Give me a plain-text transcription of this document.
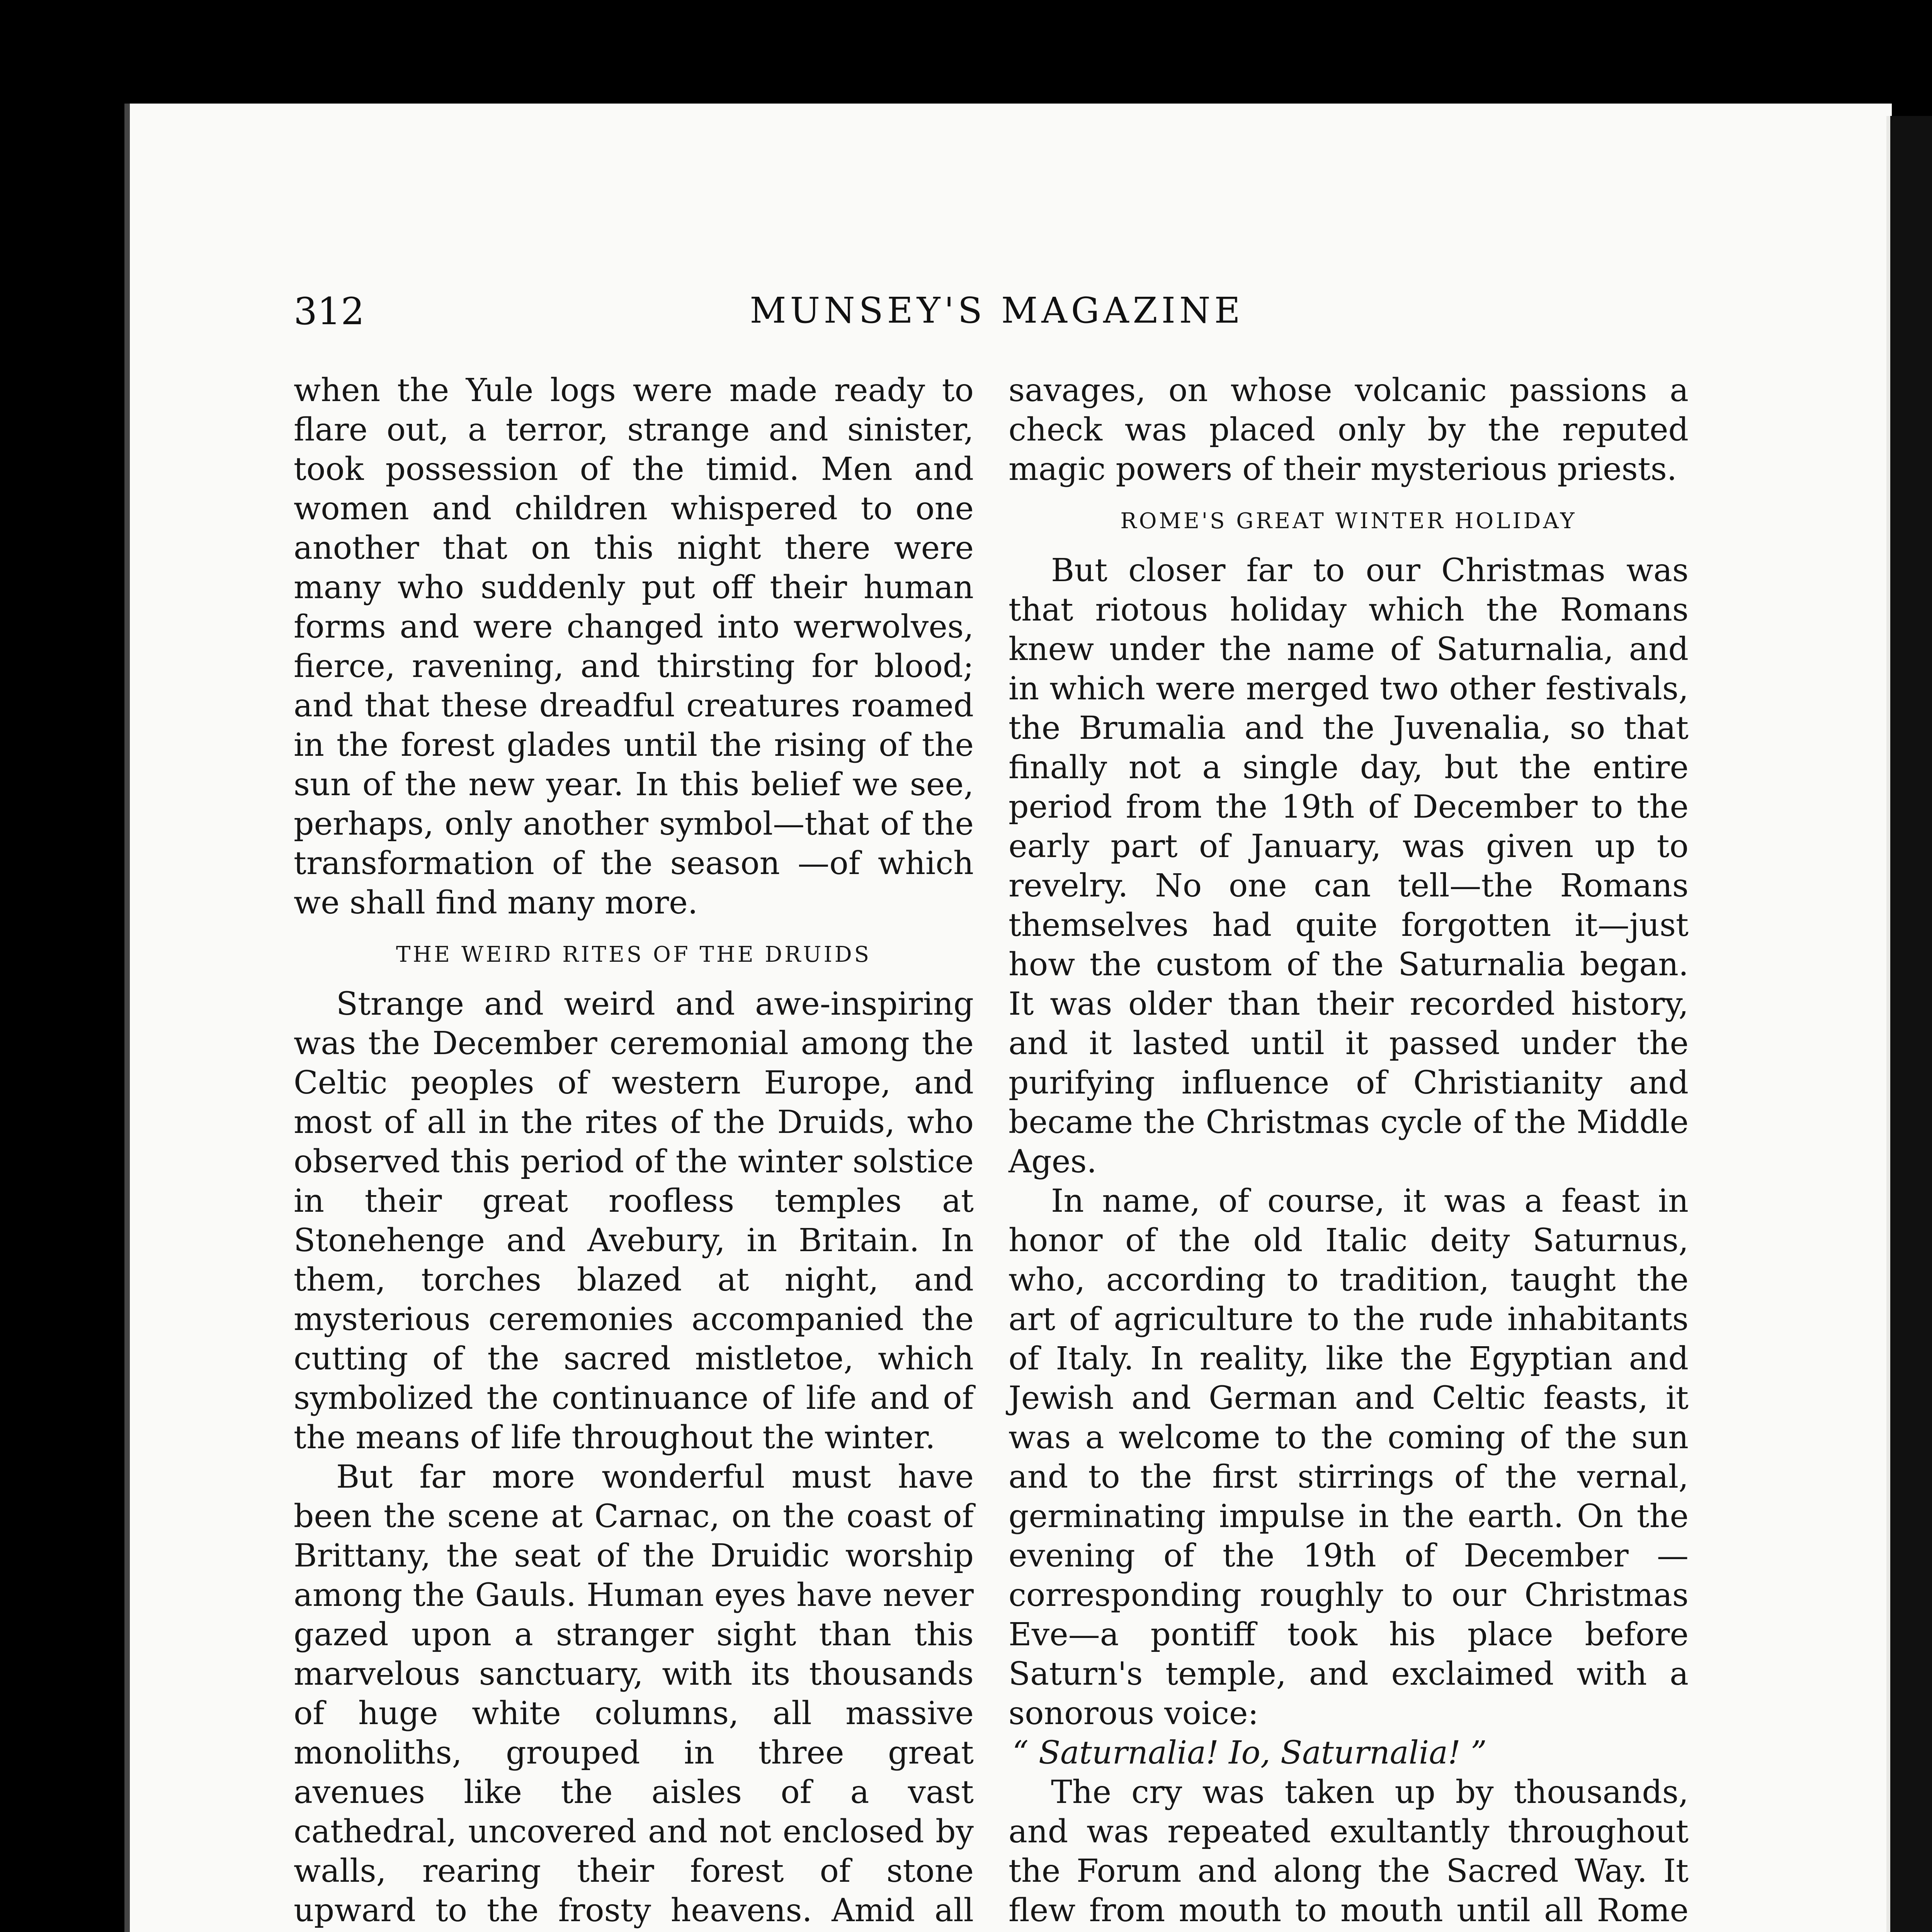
312	MUNSEY'S MAGAZINE

when the Yule logs were made ready to flare out, a terror, strange and sinister, took possession of the timid. Men and women and children whispered to one another that on this night there were many who suddenly put off their human forms and were changed into werwolves, fierce, ravening, and thirsting for blood; and that these dreadful creatures roamed in the forest glades until the rising of the sun of the new year. In this belief we see, perhaps, only another symbol—that of the transformation of the season —of which we shall find many more.

THE WEIRD RITES OF THE DRUIDS

Strange and weird and awe-inspiring was the December ceremonial among the Celtic peoples of western Europe, and most of all in the rites of the Druids, who observed this period of the winter solstice in their great roofless temples at Stonehenge and Avebury, in Britain. In them, torches blazed at night, and mysterious ceremonies accompanied the cutting of the sacred mistletoe, which symbolized the continuance of life and of the means of life throughout the winter.

But far more wonderful must have been the scene at Carnac, on the coast of Brittany, the seat of the Druidic worship among the Gauls. Human eyes have never gazed upon a stranger sight than this marvelous sanctuary, with its thousands of huge white columns, all massive monoliths, grouped in three great avenues like the aisles of a vast cathedral, uncovered and not enclosed by walls, rearing their forest of stone upward to the frosty heavens. Amid all

savages, on whose volcanic passions a check was placed only by the reputed magic powers of their mysterious priests.

ROME'S GREAT WINTER HOLIDAY

But closer far to our Christmas was that riotous holiday which the Romans knew under the name of Saturnalia, and in which were merged two other festivals, the Brumalia and the Juvenalia, so that finally not a single day, but the entire period from the 19th of December to the early part of January, was given up to revelry. No one can tell—the Romans themselves had quite forgotten it—just how the custom of the Saturnalia began. It was older than their recorded history, and it lasted until it passed under the purifying influence of Christianity and became the Christmas cycle of the Middle Ages.

In name, of course, it was a feast in honor of the old Italic deity Saturnus, who, according to tradition, taught the art of agriculture to the rude inhabitants of Italy. In reality, like the Egyptian and Jewish and German and Celtic feasts, it was a welcome to the coming of the sun and to the first stirrings of the vernal, germinating impulse in the earth. On the evening of the 19th of December — corresponding roughly to our Christmas Eve—a pontiff took his place before Saturn's temple, and exclaimed with a sonorous voice:

“ Saturnalia! Io, Saturnalia! ”

The cry was taken up by thousands, and was repeated exultantly throughout the Forum and along the Sacred Way. It flew from mouth to mouth until all Rome
